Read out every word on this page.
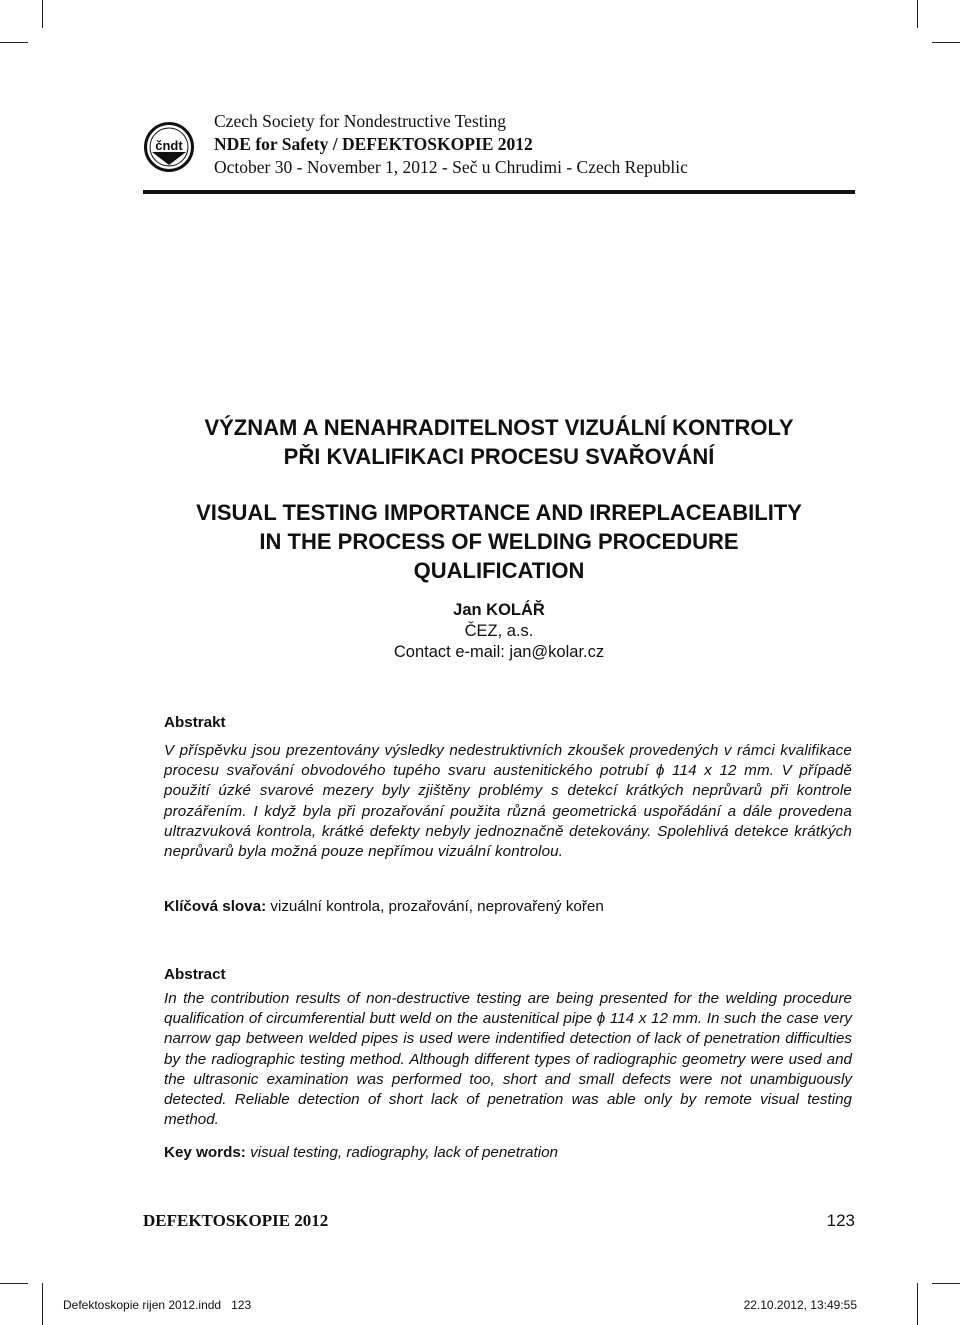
čndt
Czech Society for Nondestructive Testing
NDE for Safety / DEFEKTOSKOPIE 2012
October 30 - November 1, 2012 - Seč u Chrudimi - Czech Republic
VÝZNAM A NENAHRADITELNOST VIZUÁLNÍ KONTROLY
PŘI KVALIFIKACI PROCESU SVAŘOVÁNÍ
VISUAL TESTING IMPORTANCE AND IRREPLACEABILITY
IN THE PROCESS OF WELDING PROCEDURE
QUALIFICATION
Jan KOLÁŘ
ČEZ, a.s.
Contact e-mail: jan@kolar.cz
Abstrakt
V příspěvku jsou prezentovány výsledky nedestruktivních zkoušek provedených v rámci kvalifikace procesu svařování obvodového tupého svaru austenitického potrubí ϕ 114 x 12 mm. V případě použití úzké svarové mezery byly zjištěny problémy s detekcí krátkých neprůvarů při kontrole prozářením. I když byla při prozařování použita různá geometrická uspořádání a dále provedena ultrazvuková kontrola, krátké defekty nebyly jednoznačně detekovány. Spolehlivá detekce krátkých neprůvarů byla možná pouze nepřímou vizuální kontrolou.
Klíčová slova: vizuální kontrola, prozařování, neprovařený kořen
Abstract
In the contribution results of non-destructive testing are being presented for the welding procedure qualification of circumferential butt weld on the austenitical pipe ϕ 114 x 12 mm. In such the case very narrow gap between welded pipes is used were indentified detection of lack of penetration difficulties by the radiographic testing method. Although different types of radiographic geometry were used and the ultrasonic examination was performed too, short and small defects were not unambiguously detected. Reliable detection of short lack of penetration was able only by remote visual testing method.
Key words: visual testing, radiography, lack of penetration
DEFEKTOSKOPIE 2012	123
Defektoskopie rijen 2012.indd   123	22.10.2012, 13:49:55
